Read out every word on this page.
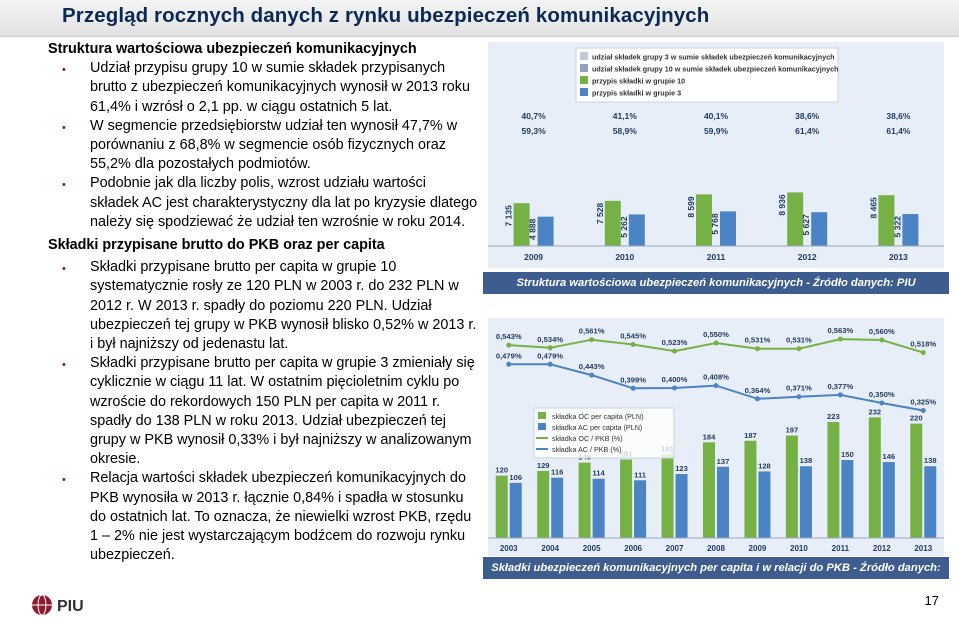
Przegląd rocznych danych z rynku ubezpieczeń komunikacyjnych

Struktura wartościowa ubezpieczeń komunikacyjnych

• Udział przypisu grupy 10 w sumie składek przypisanych brutto z ubezpieczeń komunikacyjnych wynosił w 2013 roku 61,4% i wzrósł o 2,1 pp. w ciągu ostatnich 5 lat.
• W segmencie przedsiębiorstw udział ten wynosił 47,7% w porównaniu z 68,8% w segmencie osób fizycznych oraz 55,2% dla pozostałych podmiotów.
• Podobnie jak dla liczby polis, wzrost udziału wartości składek AC jest charakterystyczny dla lat po kryzysie dlatego należy się spodziewać że udział ten wzrośnie w roku 2014.

Składki przypisane brutto do PKB oraz per capita

• Składki przypisane brutto per capita w grupie 10 systematycznie rosły ze 120 PLN w 2003 r. do 232 PLN w 2012 r. W 2013 r. spadły do poziomu 220 PLN. Udział ubezpieczeń tej grupy w PKB wynosił blisko 0,52% w 2013 r. i był najniższy od jedenastu lat.
• Składki przypisane brutto per capita w grupie 3 zmieniały się cyklicznie w ciągu 11 lat. W ostatnim pięcioletnim cyklu po wzroście do rekordowych 150 PLN per capita w 2011 r. spadły do 138 PLN w roku 2013. Udział ubezpieczeń tej grupy w PKB wynosił 0,33% i był najniższy w analizowanym okresie.
• Relacja wartości składek ubezpieczeń komunikacyjnych do PKB wynosiła w 2013 r. łącznie 0,84% i spadła w stosunku do ostatnich lat. To oznacza, że niewielki wzrost PKB, rzędu 1 – 2% nie jest wystarczającym bodźcem do rozwoju rynku ubezpieczeń.
udział składek grupy 3 w sumie składek ubezpieczeń komunikacyjnych
udział składek grupy 10 w sumie składek ubezpieczeń komunikacyjnych
przypis składki w grupie 10
przypis składki w grupie 3
7 135
4 888
40,7%
59,3%
2009
7 528
5 262
41,1%
58,9%
2010
8 599
5 768
40,1%
59,9%
2011
8 936
5 627
38,6%
61,4%
2012
8 465
5 322
38,6%
61,4%
2013
Struktura wartościowa ubezpieczeń komunikacyjnych - Źródło danych: PIU
120
106
2003
129
116
2004
114
2005
111
2006
123
2007
184
137
2008
187
128
2009
197
138
2010
223
150
2011
232
146
2012
220
138
2013
0,543% 0,534%
0,561%
0,545%
0,523%
0,550%
0,531% 0,531%
0,563% 0,560%
0,518%
0,479% 0,479%
0,443%
0,399% 0,400% 0,408%
0,364% 0,371% 0,377%
0,350%
0,325%
składka OC per capita (PLN)
składka AC per capita (PLN)
składka OC / PKB (%)
składka AC / PKB (%)
Składki ubezpieczeń komunikacyjnych per capita i w relacji do PKB - Źródło danych: PIU
PIU	17
